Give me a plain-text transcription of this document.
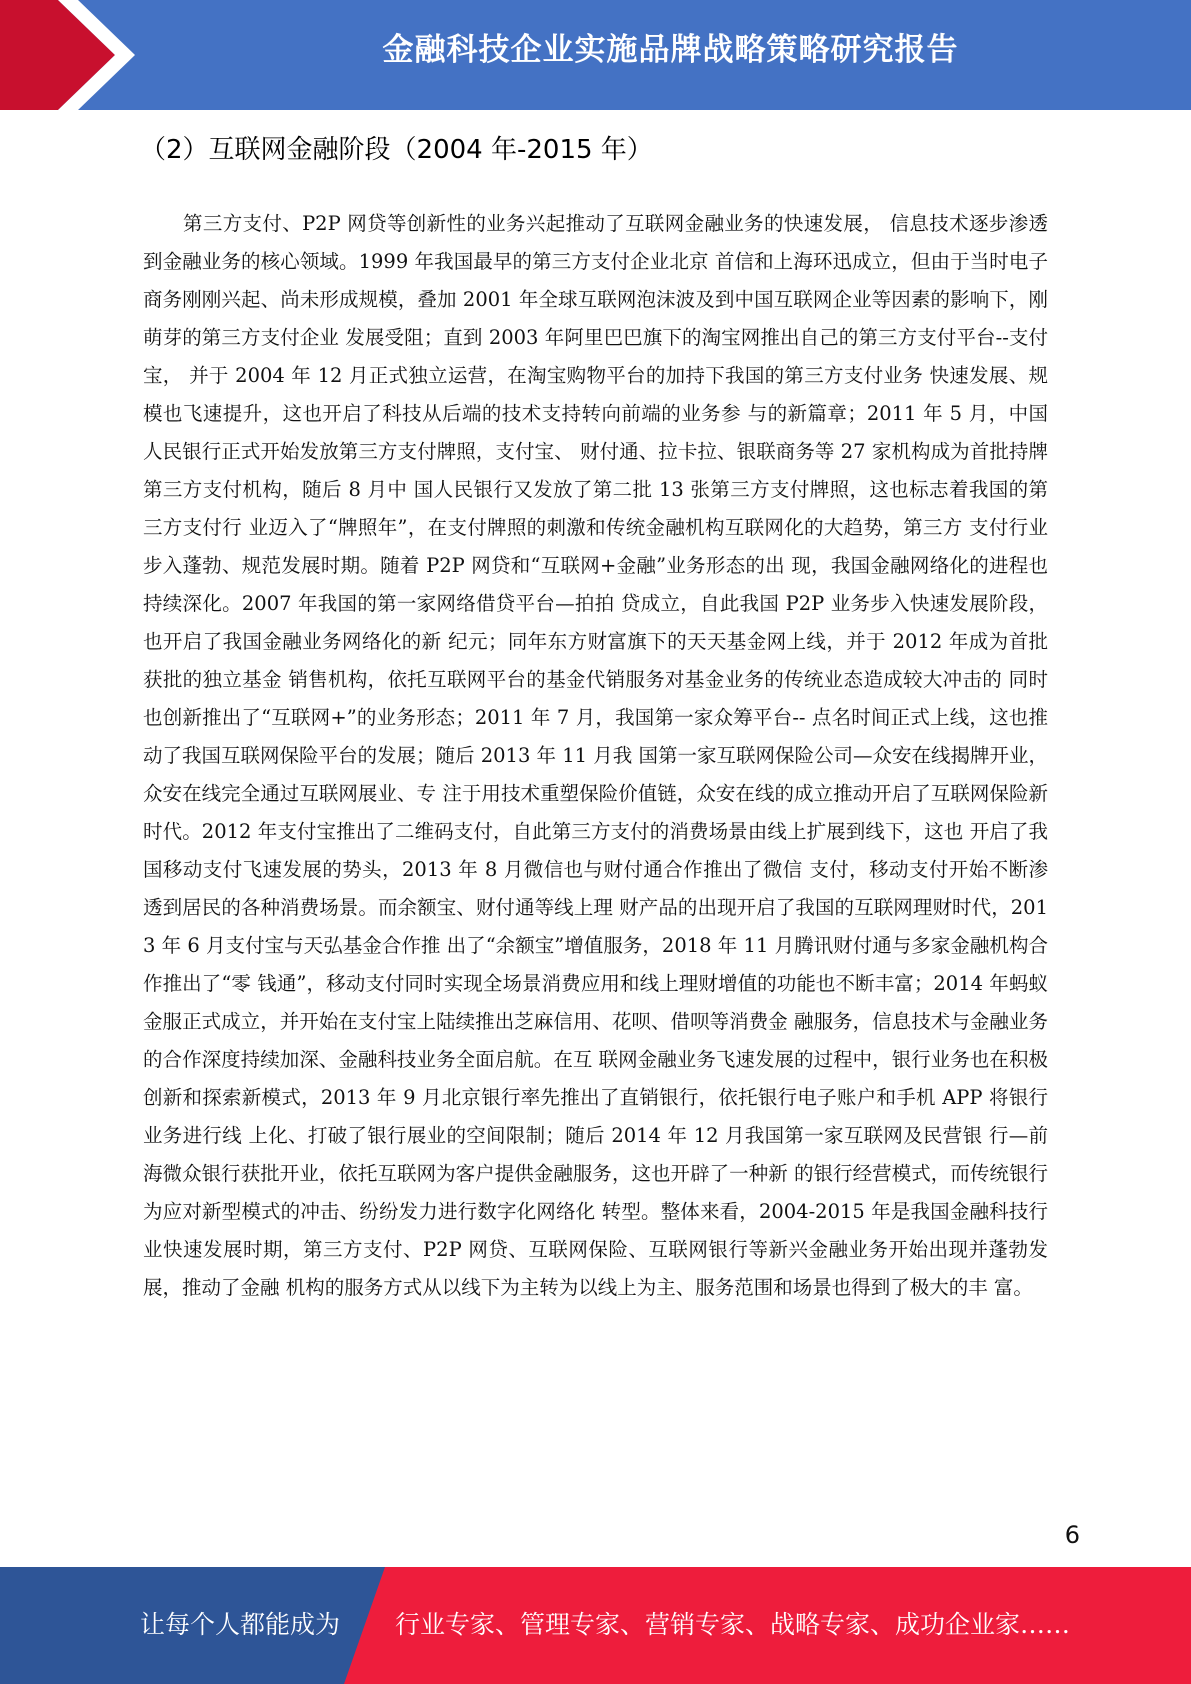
金融科技企业实施品牌战略策略研究报告
（2）互联网金融阶段（2004 年-2015 年）

第三方支付、P2P 网贷等创新性的业务兴起推动了互联网金融业务的快速发展， 信息技术逐步渗透到金融业务的核心领域。1999 年我国最早的第三方支付企业北京 首信和上海环迅成立，但由于当时电子商务刚刚兴起、尚未形成规模，叠加 2001 年全球互联网泡沫波及到中国互联网企业等因素的影响下，刚萌芽的第三方支付企业 发展受阻；直到 2003 年阿里巴巴旗下的淘宝网推出自己的第三方支付平台--支付宝， 并于 2004 年 12 月正式独立运营，在淘宝购物平台的加持下我国的第三方支付业务 快速发展、规模也飞速提升，这也开启了科技从后端的技术支持转向前端的业务参 与的新篇章；2011 年 5 月，中国人民银行正式开始发放第三方支付牌照，支付宝、 财付通、拉卡拉、银联商务等 27 家机构成为首批持牌第三方支付机构，随后 8 月中 国人民银行又发放了第二批 13 张第三方支付牌照，这也标志着我国的第三方支付行 业迈入了“牌照年”，在支付牌照的刺激和传统金融机构互联网化的大趋势，第三方 支付行业步入蓬勃、规范发展时期。随着 P2P 网贷和“互联网+金融”业务形态的出 现，我国金融网络化的进程也持续深化。2007 年我国的第一家网络借贷平台—拍拍 贷成立，自此我国 P2P 业务步入快速发展阶段，也开启了我国金融业务网络化的新 纪元；同年东方财富旗下的天天基金网上线，并于 2012 年成为首批获批的独立基金 销售机构，依托互联网平台的基金代销服务对基金业务的传统业态造成较大冲击的 同时也创新推出了“互联网+”的业务形态；2011 年 7 月，我国第一家众筹平台-- 点名时间正式上线，这也推动了我国互联网保险平台的发展；随后 2013 年 11 月我 国第一家互联网保险公司—众安在线揭牌开业，众安在线完全通过互联网展业、专 注于用技术重塑保险价值链，众安在线的成立推动开启了互联网保险新时代。2012 年支付宝推出了二维码支付，自此第三方支付的消费场景由线上扩展到线下，这也 开启了我国移动支付飞速发展的势头，2013 年 8 月微信也与财付通合作推出了微信 支付，移动支付开始不断渗透到居民的各种消费场景。而余额宝、财付通等线上理 财产品的出现开启了我国的互联网理财时代，2013 年 6 月支付宝与天弘基金合作推 出了“余额宝”增值服务，2018 年 11 月腾讯财付通与多家金融机构合作推出了“零 钱通”，移动支付同时实现全场景消费应用和线上理财增值的功能也不断丰富；2014 年蚂蚁金服正式成立，并开始在支付宝上陆续推出芝麻信用、花呗、借呗等消费金 融服务，信息技术与金融业务的合作深度持续加深、金融科技业务全面启航。在互 联网金融业务飞速发展的过程中，银行业务也在积极创新和探索新模式，2013 年 9 月北京银行率先推出了直销银行，依托银行电子账户和手机 APP 将银行业务进行线 上化、打破了银行展业的空间限制；随后 2014 年 12 月我国第一家互联网及民营银 行—前海微众银行获批开业，依托互联网为客户提供金融服务，这也开辟了一种新 的银行经营模式，而传统银行为应对新型模式的冲击、纷纷发力进行数字化网络化 转型。整体来看，2004-2015 年是我国金融科技行业快速发展时期，第三方支付、P2P 网贷、互联网保险、互联网银行等新兴金融业务开始出现并蓬勃发展，推动了金融 机构的服务方式从以线下为主转为以线上为主、服务范围和场景也得到了极大的丰 富。

6
让每个人都能成为 行业专家、管理专家、营销专家、战略专家、成功企业家……
